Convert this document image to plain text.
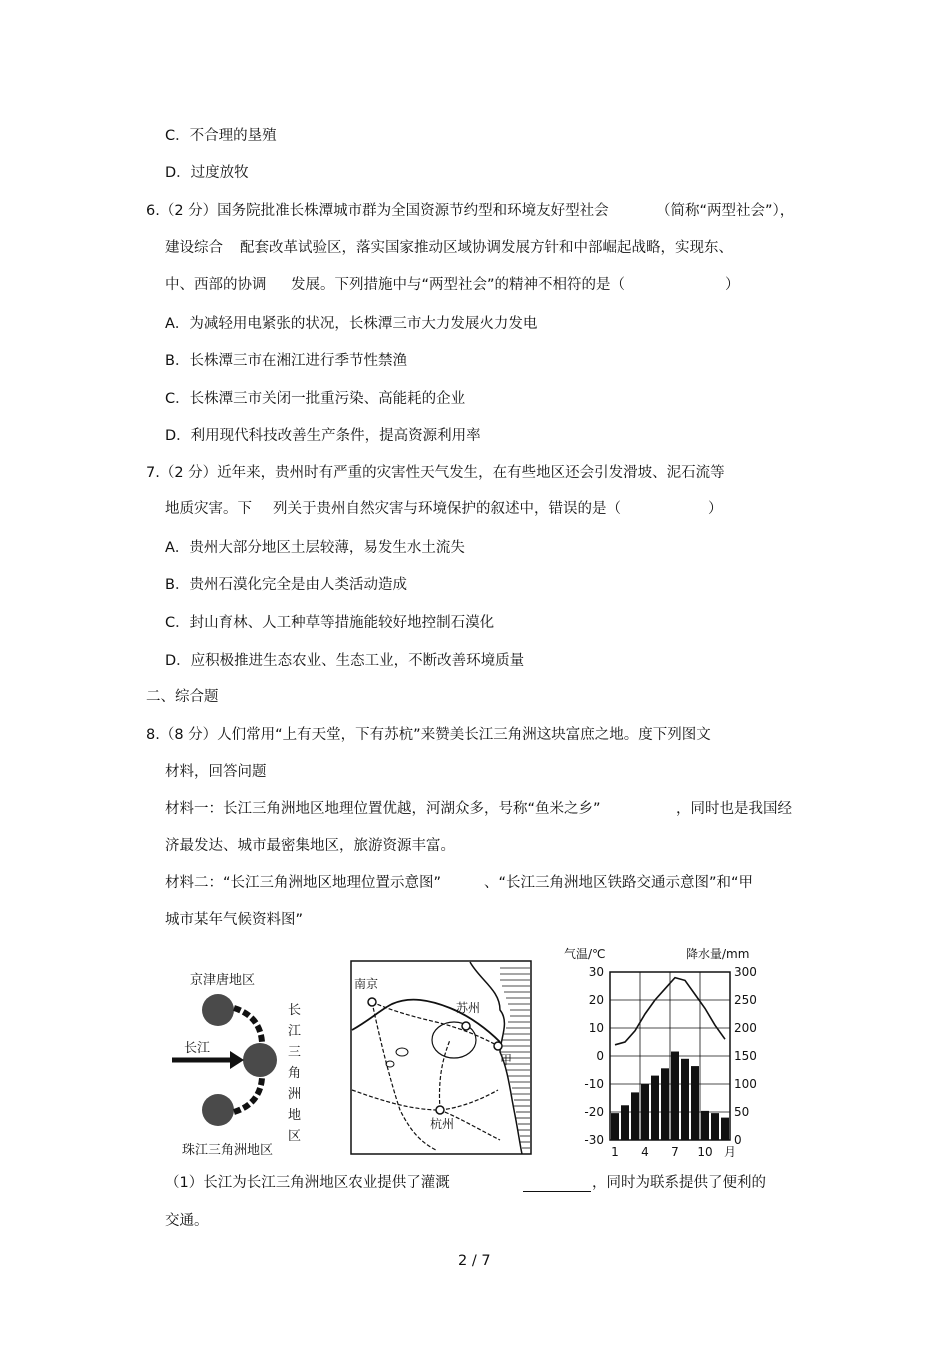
C．不合理的垦殖
D．过度放牧
6.（2 分）国务院批准长株潭城市群为全国资源节约型和环境友好型社会	（简称“两型社会”），
建设综合 配套改革试验区，落实国家推动区域协调发展方针和中部崛起战略，实现东、
中、西部的协调 发展。下列措施中与“两型社会”的精神不相符的是（	）
A．为减轻用电紧张的状况，长株潭三市大力发展火力发电
B．长株潭三市在湘江进行季节性禁渔
C．长株潭三市关闭一批重污染、高能耗的企业
D．利用现代科技改善生产条件，提高资源利用率
7.（2 分）近年来，贵州时有严重的灾害性天气发生，在有些地区还会引发滑坡、泥石流等
地质灾害。下 列关于贵州自然灾害与环境保护的叙述中，错误的是（	）
A．贵州大部分地区土层较薄，易发生水土流失
B．贵州石漠化完全是由人类活动造成
C．封山育林、人工种草等措施能较好地控制石漠化
D．应积极推进生态农业、生态工业，不断改善环境质量
二、综合题
8.（8 分）人们常用“上有天堂，下有苏杭”来赞美长江三角洲这块富庶之地。度下列图文
材料，回答问题
材料一：长江三角洲地区地理位置优越，河湖众多，号称“鱼米之乡”	，同时也是我国经
济最发达、城市最密集地区，旅游资源丰富。
材料二：“长江三角洲地区地理位置示意图”	、“长江三角洲地区铁路交通示意图”和“甲
城市某年气候资料图”
京津唐地区
长江
珠江三角洲地区
长
江
三
角
洲
地
区
南京
苏州
杭州
甲
气温/℃	降水量/mm
30
20
10
0
-10
-20
-30
300
250
200
150
100
50
0
1 4 7 10 月
（1）长江为长江三角洲地区农业提供了灌溉	，同时为联系提供了便利的
交通。
2 / 7
